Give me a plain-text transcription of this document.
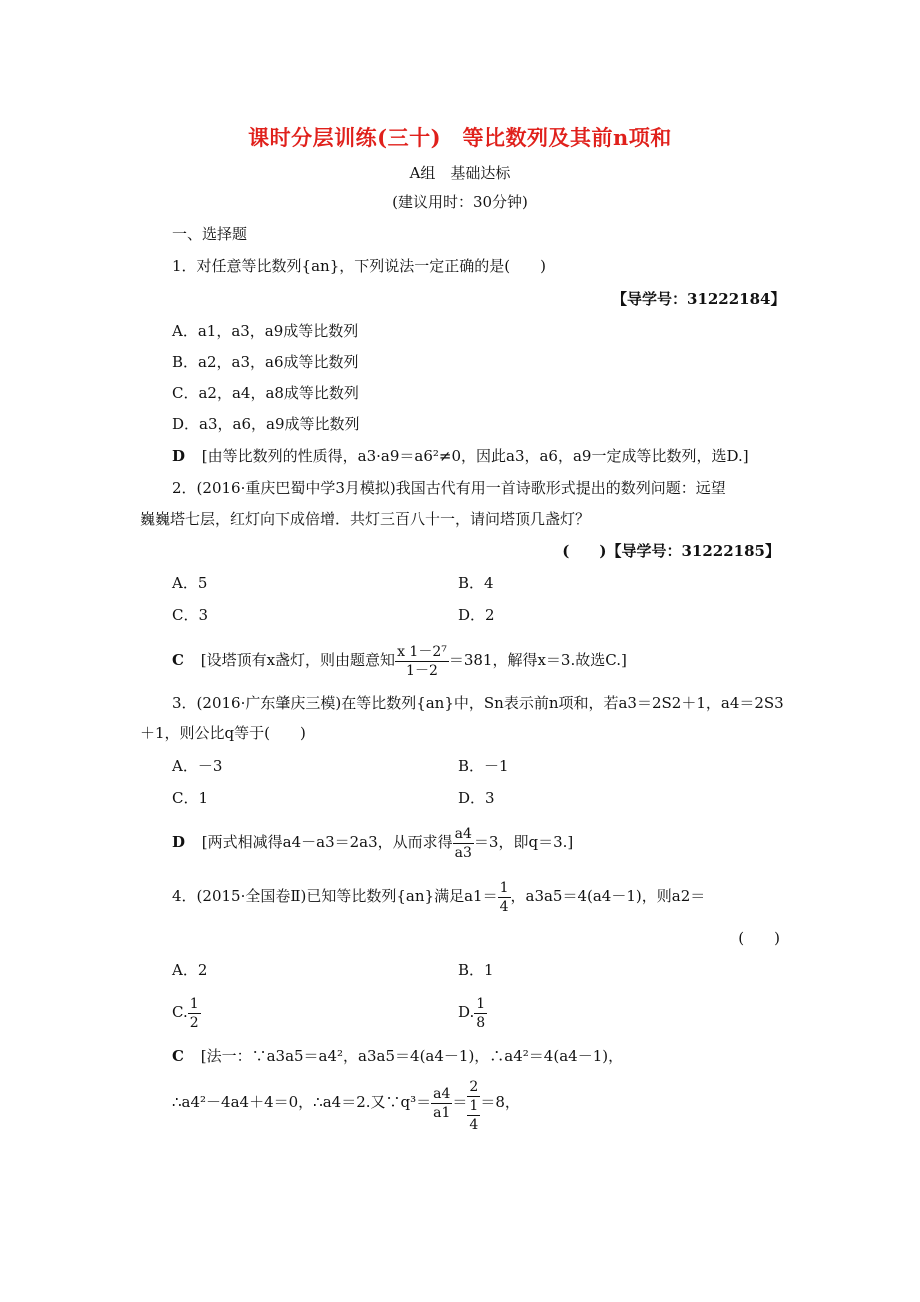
课时分层训练(三十)　等比数列及其前n项和
A组　基础达标
(建议用时：30分钟)
一、选择题
1．对任意等比数列{an}，下列说法一定正确的是(　　)
【导学号：31222184】
A．a1，a3，a9成等比数列
B．a2，a3，a6成等比数列
C．a2，a4，a8成等比数列
D．a3，a6，a9成等比数列
D [由等比数列的性质得，a3·a9＝a6²≠0，因此a3，a6，a9一定成等比数列，选D.]
2．(2016·重庆巴蜀中学3月模拟)我国古代有用一首诗歌形式提出的数列问题：远望
巍巍塔七层，红灯向下成倍增．共灯三百八十一，请问塔顶几盏灯？
(　　)【导学号：31222185】
A．5	B．4
C．3	D．2
C [设塔顶有x盏灯，则由题意知 $\frac{\text{x 1－2⁷}}{1-2} =381$，解得x＝3.故选C.]
3．(2016·广东肇庆三模)在等比数列{an}中，Sn表示前n项和，若a3＝2S2＋1，a4＝2S3
＋1，则公比q等于(　　)
A．－3	B．－1
C．1	D．3
D [两式相减得a4－a3＝2a3，从而求得 $\frac{a4}{a3} =3$，即q＝3.]
4．(2015·全国卷Ⅱ)已知等比数列{an}满足$a1= \frac{1}{4}$ ，a3a5＝4(a4－1)，则a2＝
(　　)
A．2	B．1
C. $\frac{1}{2}$	D. $\frac{1}{8}$
C [法一：∵a3a5＝a4²，a3a5＝4(a4－1)，∴a4²＝4(a4－1)，
∴a4²－4a4＋4＝0，∴a4＝2.又∵q³＝ $\frac{a4}{a1}$ ＝
2
1
4
＝8，
